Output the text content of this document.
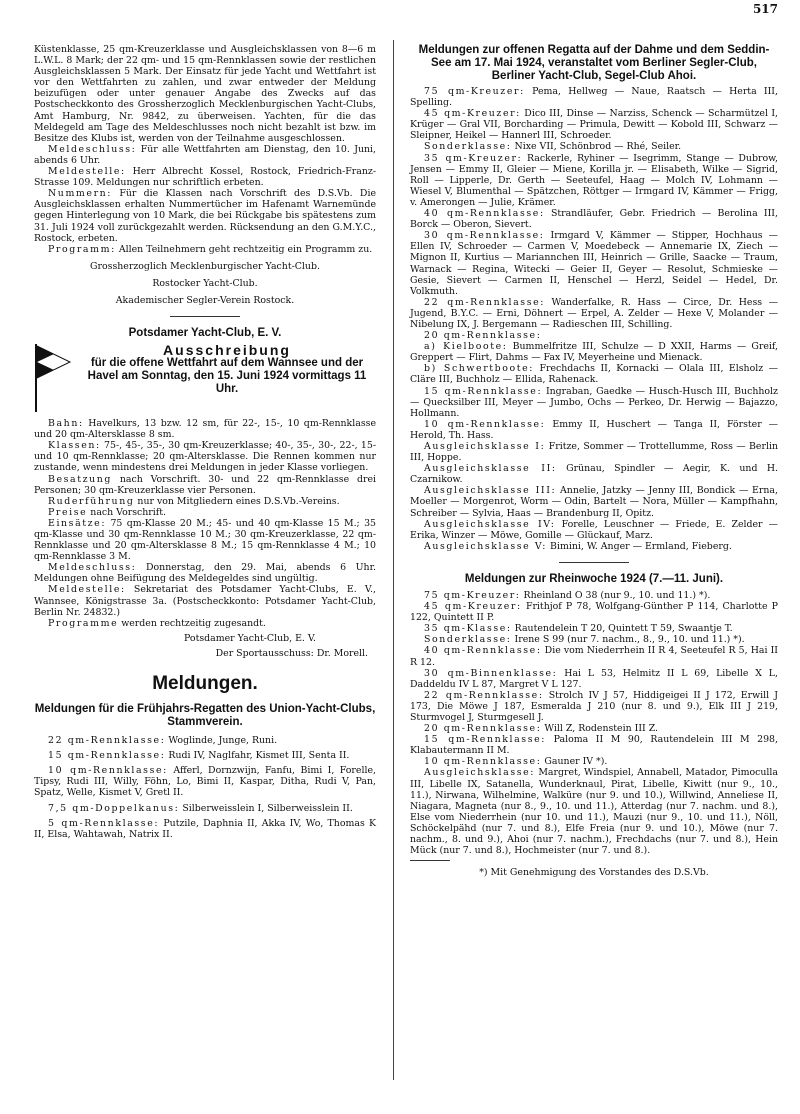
517

Küstenklasse, 25 qm-Kreuzerklasse und Ausgleichsklassen von 8—6 m L.W.L. 8 Mark; der 22 qm- und 15 qm-Rennklassen sowie der restlichen Ausgleichsklassen 5 Mark. Der Einsatz für jede Yacht und Wettfahrt ist vor den Wettfahrten zu zahlen, und zwar entweder der Meldung beizufügen oder unter genauer Angabe des Zwecks auf das Postscheckkonto des Grossherzoglich Mecklenburgischen Yacht-Clubs, Amt Hamburg, Nr. 9842, zu überweisen. Yachten, für die das Meldegeld am Tage des Meldeschlusses noch nicht bezahlt ist bzw. im Besitze des Klubs ist, werden von der Teilnahme ausgeschlossen.

Meldeschluss: Für alle Wettfahrten am Dienstag, den 10. Juni, abends 6 Uhr.

Meldestelle: Herr Albrecht Kossel, Rostock, Friedrich-Franz-Strasse 109. Meldungen nur schriftlich erbeten.

Nummern: Für die Klassen nach Vorschrift des D.S.Vb. Die Ausgleichsklassen erhalten Nummertücher im Hafenamt Warnemünde gegen Hinterlegung von 10 Mark, die bei Rückgabe bis spätestens zum 31. Juli 1924 voll zurückgezahlt werden. Rücksendung an den G.M.Y.C., Rostock, erbeten.

Programm: Allen Teilnehmern geht rechtzeitig ein Programm zu.

Grossherzoglich Mecklenburgischer Yacht-Club.

Rostocker Yacht-Club.

Akademischer Segler-Verein Rostock.

Potsdamer Yacht-Club, E. V.

Ausschreibung
für die offene Wettfahrt auf dem Wannsee und der Havel am Sonntag, den 15. Juni 1924 vormittags 11 Uhr.

Bahn: Havelkurs, 13 bzw. 12 sm, für 22-, 15-, 10 qm-Rennklasse und 20 qm-Altersklasse 8 sm.

Klassen: 75-, 45-, 35-, 30 qm-Kreuzerklasse; 40-, 35-, 30-, 22-, 15- und 10 qm-Rennklasse; 20 qm-Altersklasse. Die Rennen kommen nur zustande, wenn mindestens drei Meldungen in jeder Klasse vorliegen.

Besatzung nach Vorschrift. 30- und 22 qm-Rennklasse drei Personen; 30 qm-Kreuzerklasse vier Personen.

Ruderführung nur von Mitgliedern eines D.S.Vb.-Vereins.

Preise nach Vorschrift.

Einsätze: 75 qm-Klasse 20 M.; 45- und 40 qm-Klasse 15 M.; 35 qm-Klasse und 30 qm-Rennklasse 10 M.; 30 qm-Kreuzerklasse, 22 qm-Rennklasse und 20 qm-Altersklasse 8 M.; 15 qm-Rennklasse 4 M.; 10 qm-Rennklasse 3 M.

Meldeschluss: Donnerstag, den 29. Mai, abends 6 Uhr. Meldungen ohne Beifügung des Meldegeldes sind ungültig.

Meldestelle: Sekretariat des Potsdamer Yacht-Clubs, E. V., Wannsee, Königstrasse 3a. (Postscheckkonto: Potsdamer Yacht-Club, Berlin Nr. 24832.)

Programme werden rechtzeitig zugesandt.

Potsdamer Yacht-Club, E. V.

Der Sportausschuss: Dr. Morell.

Meldungen.

Meldungen für die Frühjahrs-Regatten des Union-Yacht-Clubs, Stammverein.

22 qm-Rennklasse: Woglinde, Junge, Runi.

15 qm-Rennklasse: Rudi IV, Naglfahr, Kismet III, Senta II.

10 qm-Rennklasse: Afferl, Dornzwijn, Fanfu, Bimi I, Forelle, Tipsy, Rudi III, Willy, Föhn, Lo, Bimi II, Kaspar, Ditha, Rudi V, Pan, Spatz, Welle, Kismet V, Gretl II.

7,5 qm-Doppelkanus: Silberweisslein I, Silberweisslein II.

5 qm-Rennklasse: Putzile, Daphnia II, Akka IV, Wo, Thomas K II, Elsa, Wahtawah, Natrix II.

Meldungen zur offenen Regatta auf der Dahme und dem Seddin-See am 17. Mai 1924, veranstaltet vom Berliner Segler-Club, Berliner Yacht-Club, Segel-Club Ahoi.

75 qm-Kreuzer: Pema, Hellweg — Naue, Raatsch — Herta III, Spelling.

45 qm-Kreuzer: Dico III, Dinse — Narziss, Schenck — Scharmützel I, Krüger — Gral VII, Borcharding — Primula, Dewitt — Kobold III, Schwarz — Sleipner, Heikel — Hannerl III, Schroeder.

Sonderklasse: Nixe VII, Schönbrod — Rhé, Seiler.

35 qm-Kreuzer: Rackerle, Ryhiner — Isegrimm, Stange — Dubrow, Jensen — Emmy II, Gleier — Miene, Korilla jr. — Elisabeth, Wilke — Sigrid, Roll — Lipperle, Dr. Gerth — Seeteufel, Haag — Molch IV, Lohmann — Wiesel V, Blumenthal — Spätzchen, Röttger — Irmgard IV, Kämmer — Frigg, v. Amerongen — Julie, Krämer.

40 qm-Rennklasse: Strandläufer, Gebr. Friedrich — Berolina III, Borck — Oberon, Sievert.

30 qm-Rennklasse: Irmgard V, Kämmer — Stipper, Hochhaus — Ellen IV, Schroeder — Carmen V, Moedebeck — Annemarie IX, Ziech — Mignon II, Kurtius — Mariannchen III, Heinrich — Grille, Saacke — Traum, Warnack — Regina, Witecki — Geier II, Geyer — Resolut, Schmieske — Gesie, Sievert — Carmen II, Henschel — Herzl, Seidel — Hedel, Dr. Volkmuth.

22 qm-Rennklasse: Wanderfalke, R. Hass — Circe, Dr. Hess — Jugend, B.Y.C. — Erni, Döhnert — Erpel, A. Zelder — Hexe V, Molander — Nibelung IX, J. Bergemann — Radieschen III, Schilling.

20 qm-Rennklasse:

a) Kielboote: Bummelfritze III, Schulze — D XXII, Harms — Greif, Greppert — Flirt, Dahms — Fax IV, Meyerheine und Mienack.

b) Schwertboote: Frechdachs II, Kornacki — Olala III, Elsholz — Cläre III, Buchholz — Ellida, Rahenack.

15 qm-Rennklasse: Ingraban, Gaedke — Husch-Husch III, Buchholz — Quecksilber III, Meyer — Jumbo, Ochs — Perkeo, Dr. Herwig — Bajazzo, Hollmann.

10 qm-Rennklasse: Emmy II, Huschert — Tanga II, Förster — Herold, Th. Hass.

Ausgleichsklasse I: Fritze, Sommer — Trottellumme, Ross — Berlin III, Hoppe.

Ausgleichsklasse II: Grünau, Spindler — Aegir, K. und H. Czarnikow.

Ausgleichsklasse III: Annelie, Jatzky — Jenny III, Bondick — Erna, Moeller — Morgenrot, Worm — Odin, Bartelt — Nora, Müller — Kampfhahn, Schreiber — Sylvia, Haas — Brandenburg II, Opitz.

Ausgleichsklasse IV: Forelle, Leuschner — Friede, E. Zelder — Erika, Winzer — Möwe, Gomille — Glückauf, Marz.

Ausgleichsklasse V: Bimini, W. Anger — Ermland, Fieberg.

Meldungen zur Rheinwoche 1924 (7.—11. Juni).

75 qm-Kreuzer: Rheinland O 38 (nur 9., 10. und 11.) *).

45 qm-Kreuzer: Frithjof P 78, Wolfgang-Günther P 114, Charlotte P 122, Quintett II P.

35 qm-Klasse: Rautendelein T 20, Quintett T 59, Swaantje T.

Sonderklasse: Irene S 99 (nur 7. nachm., 8., 9., 10. und 11.) *).

40 qm-Rennklasse: Die vom Niederrhein II R 4, Seeteufel R 5, Hai II R 12.

30 qm-Binnenklasse: Hai L 53, Helmitz II L 69, Libelle X L, Daddeldu IV L 87, Margret V L 127.

22 qm-Rennklasse: Strolch IV J 57, Hiddigeigei II J 172, Erwill J 173, Die Möwe J 187, Esmeralda J 210 (nur 8. und 9.), Elk III J 219, Sturmvogel J, Sturmgesell J.

20 qm-Rennklasse: Will Z, Rodenstein III Z.

15 qm-Rennklasse: Paloma II M 90, Rautendelein III M 298, Klabautermann II M.

10 qm-Rennklasse: Gauner IV *).

Ausgleichsklasse: Margret, Windspiel, Annabell, Matador, Pimoculla III, Libelle IX, Satanella, Wunderknaul, Pirat, Libelle, Kiwitt (nur 9., 10., 11.), Nirwana, Wilhelmine, Walküre (nur 9. und 10.), Willwind, Anneliese II, Niagara, Magneta (nur 8., 9., 10. und 11.), Atterdag (nur 7. nachm. und 8.), Else vom Niederrhein (nur 10. und 11.), Mauzi (nur 9., 10. und 11.), Nöll, Schöckelpähd (nur 7. und 8.), Elfe Freia (nur 9. und 10.), Möwe (nur 7. nachm., 8. und 9.), Ahoi (nur 7. nachm.), Frechdachs (nur 7. und 8.), Hein Mück (nur 7. und 8.), Hochmeister (nur 7. und 8.).

*) Mit Genehmigung des Vorstandes des D.S.Vb.
